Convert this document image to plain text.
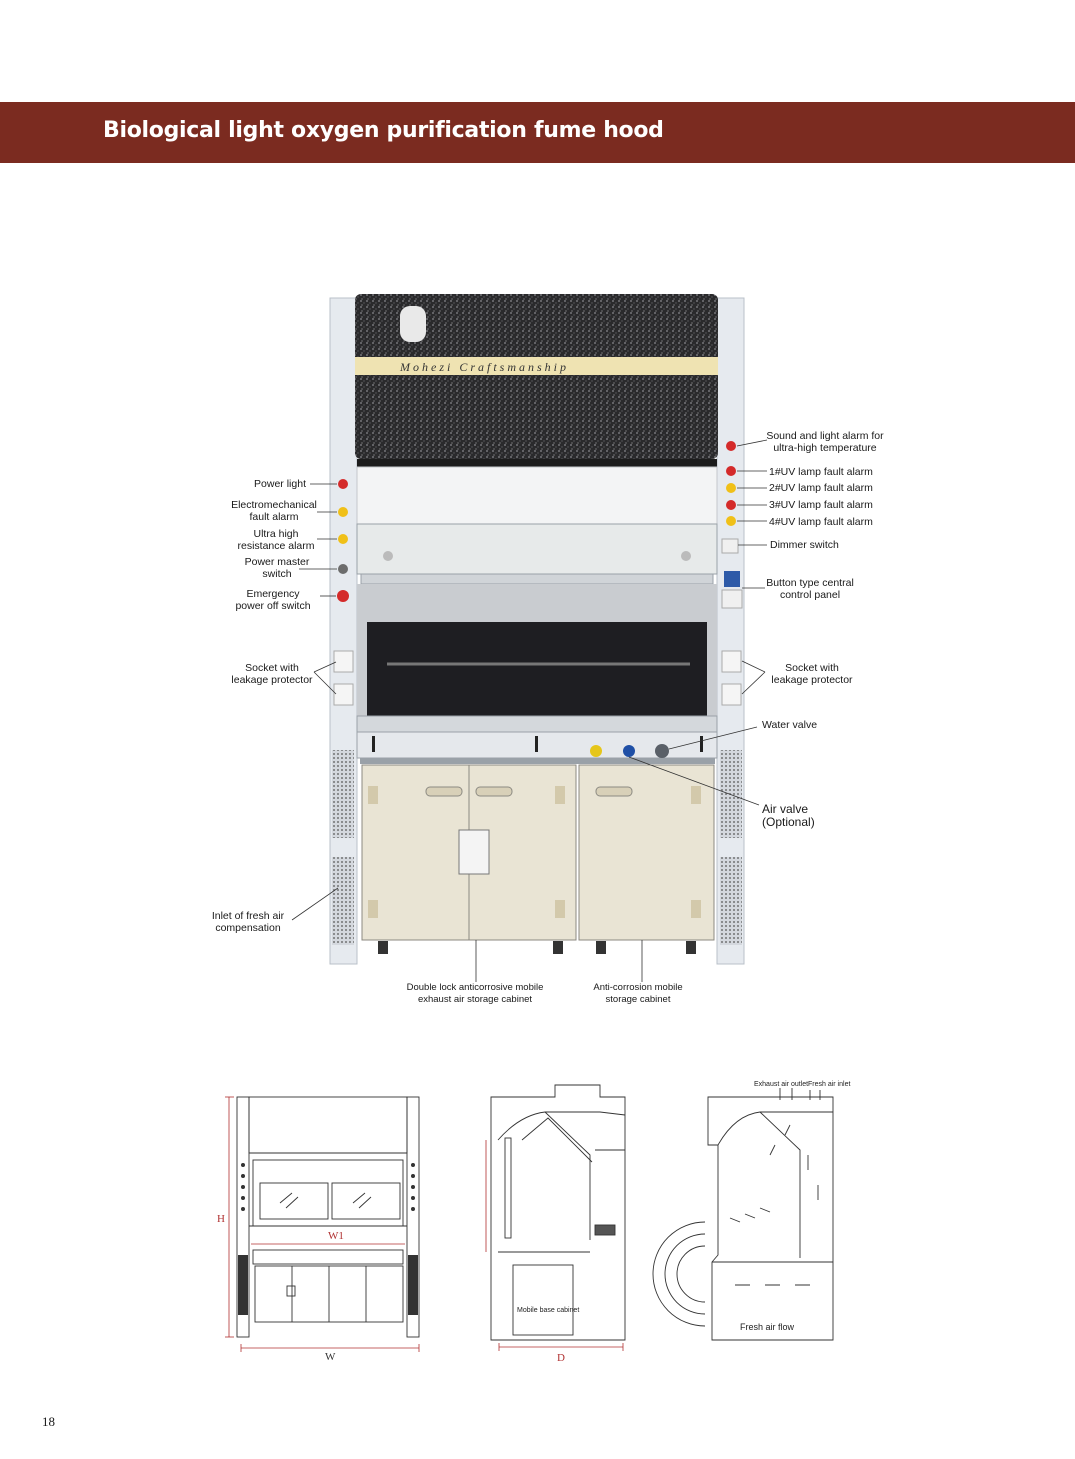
Biological light oxygen purification fume hood
Mohezi Craftsmanship
Power light
Electromechanical
fault alarm
Ultra high
resistance alarm
Power master
switch
Emergency
power off switch
Socket with
leakage protector
Inlet of fresh air
compensation
Sound and light alarm for
ultra-high temperature
1#UV lamp fault alarm
2#UV lamp fault alarm
3#UV lamp fault alarm
4#UV lamp fault alarm
Dimmer switch
Button type central
control panel
Socket with
leakage protector
Water valve
Air valve
(Optional)
Double lock anticorrosive mobile
exhaust air storage cabinet
Anti-corrosion mobile
storage cabinet
H
W1
W
Mobile base cabinet
D
Exhaust air outlet Fresh air inlet
Fresh air flow
18
